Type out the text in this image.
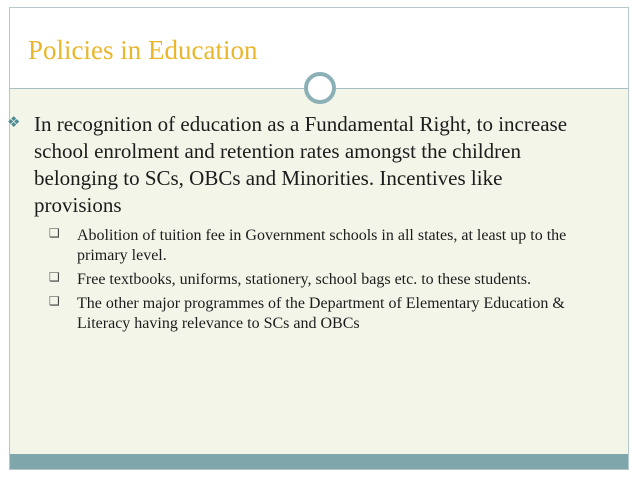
Policies in Education
❖ In recognition of education as a Fundamental Right, to increase school enrolment and retention rates amongst the children belonging to SCs, OBCs and Minorities. Incentives like provisions
❑ Abolition of tuition fee in Government schools in all states, at least up to the primary level.
❑ Free textbooks, uniforms, stationery, school bags etc. to these students.
❑ The other major programmes of the Department of Elementary Education & Literacy having relevance to SCs and OBCs
